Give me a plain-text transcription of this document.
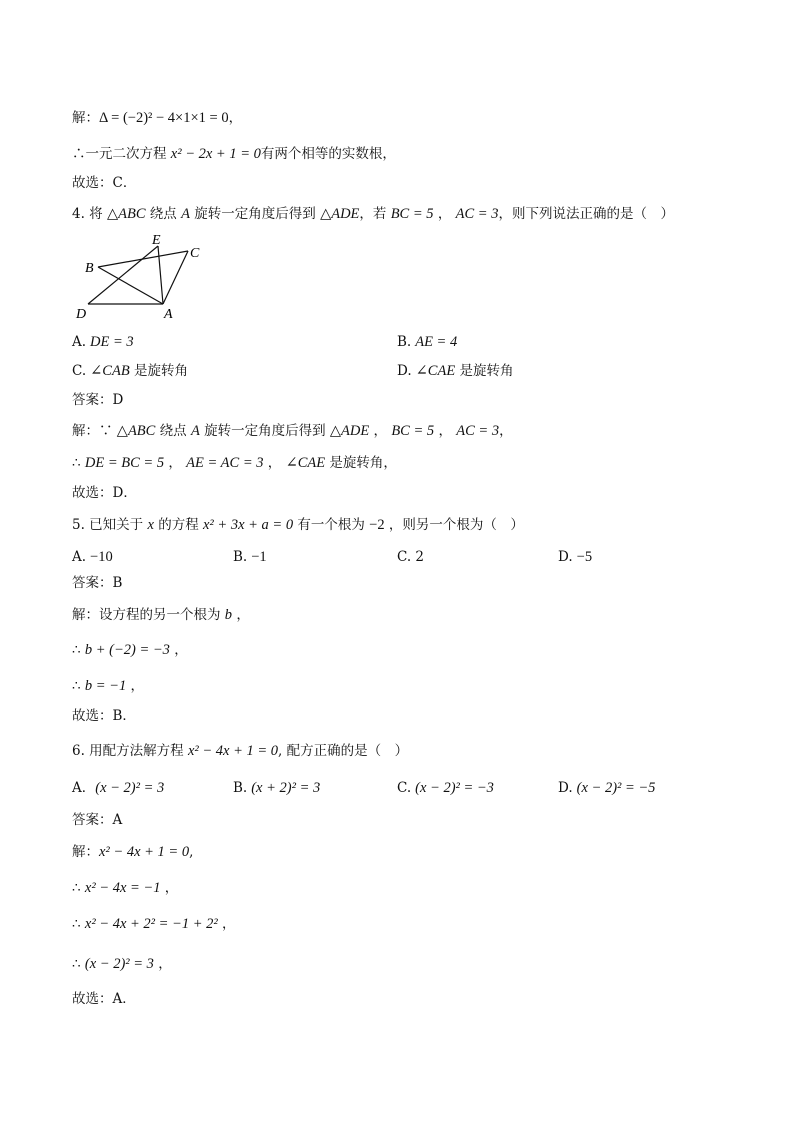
解：Δ = (−2)² − 4×1×1 = 0，
∴一元二次方程 x² − 2x + 1 = 0有两个相等的实数根，
故选：C．
4. 将 △ABC 绕点 A 旋转一定角度后得到 △ADE，若 BC = 5 ， AC = 3，则下列说法正确的是（　）
B
E
C
D	A
A. DE = 3	B. AE = 4
C. ∠CAB 是旋转角	D. ∠CAE 是旋转角
答案：D
解：∵ △ABC 绕点 A 旋转一定角度后得到 △ADE ， BC = 5 ， AC = 3，
∴ DE = BC = 5 ， AE = AC = 3 ， ∠CAE 是旋转角，
故选：D．
5. 已知关于 x 的方程 x² + 3x + a = 0 有一个根为 −2 ，则另一个根为（　）
A. −10	B. −1	C. 2	D. −5
答案：B
解：设方程的另一个根为 b ，
∴ b + (−2) = −3 ，
∴ b = −1 ，
故选：B．
6. 用配方法解方程 x² − 4x + 1 = 0, 配方正确的是（　）
A．(x − 2)² = 3	B. (x + 2)² = 3	C. (x − 2)² = −3	D. (x − 2)² = −5
答案：A
解：x² − 4x + 1 = 0,
∴ x² − 4x = −1 ，
∴ x² − 4x + 2² = −1 + 2² ，
∴ (x − 2)² = 3 ，
故选：A．
